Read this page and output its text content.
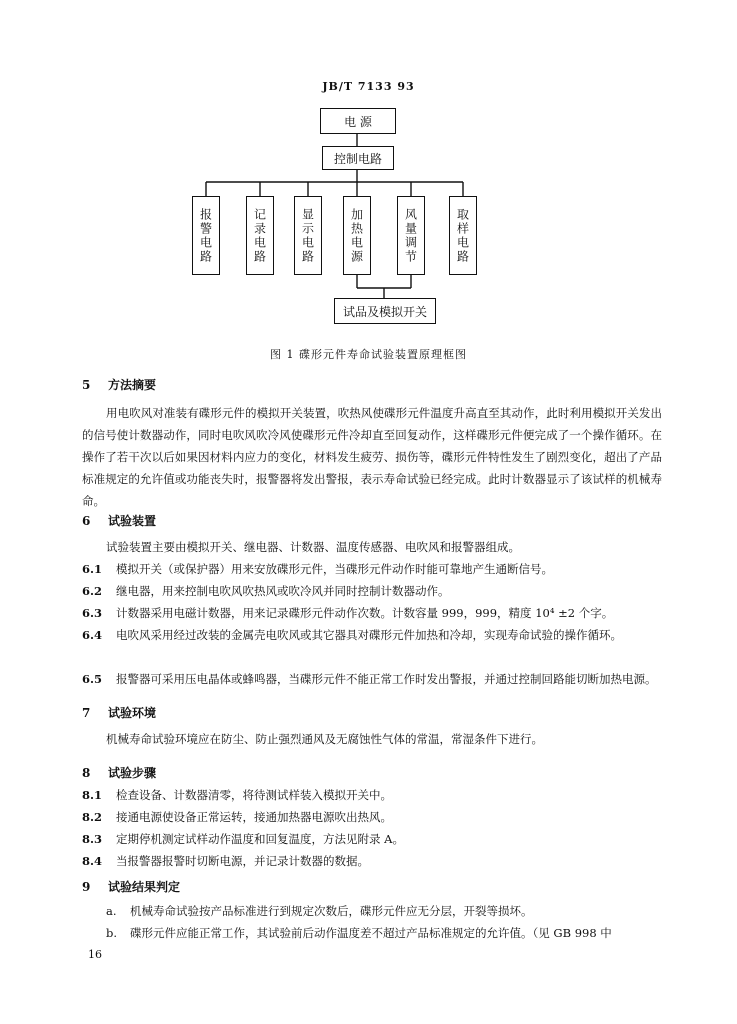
JB/T 7133 93
电 源
控制电路
报警电路	记录电路	显示电路	加热电源	风量调节	取样电路
试品及模拟开关
图 1 碟形元件寿命试验装置原理框图
5 方法摘要
用电吹风对准装有碟形元件的模拟开关装置，吹热风使碟形元件温度升高直至其动作，此时利用模拟开关发出的信号使计数器动作，同时电吹风吹冷风使碟形元件冷却直至回复动作，这样碟形元件便完成了一个操作循环。在操作了若干次以后如果因材料内应力的变化，材料发生疲劳、损伤等，碟形元件特性发生了剧烈变化，超出了产品标准规定的允许值或功能丧失时，报警器将发出警报，表示寿命试验已经完成。此时计数器显示了该试样的机械寿命。
6 试验装置
试验装置主要由模拟开关、继电器、计数器、温度传感器、电吹风和报警器组成。
6.1 模拟开关（或保护器）用来安放碟形元件，当碟形元件动作时能可靠地产生通断信号。
6.2 继电器，用来控制电吹风吹热风或吹冷风并同时控制计数器动作。
6.3 计数器采用电磁计数器，用来记录碟形元件动作次数。计数容量 999，999，精度 10⁴ ±2 个字。
6.4 电吹风采用经过改装的金属壳电吹风或其它器具对碟形元件加热和冷却，实现寿命试验的操作循环。
6.5 报警器可采用压电晶体或蜂鸣器，当碟形元件不能正常工作时发出警报，并通过控制回路能切断加热电源。
7 试验环境
机械寿命试验环境应在防尘、防止强烈通风及无腐蚀性气体的常温，常湿条件下进行。
8 试验步骤
8.1 检查设备、计数器清零，将待测试样装入模拟开关中。
8.2 接通电源使设备正常运转，接通加热器电源吹出热风。
8.3 定期停机测定试样动作温度和回复温度，方法见附录 A。
8.4 当报警器报警时切断电源，并记录计数器的数据。
9 试验结果判定
a. 机械寿命试验按产品标准进行到规定次数后，碟形元件应无分层，开裂等损坏。
b. 碟形元件应能正常工作，其试验前后动作温度差不超过产品标准规定的允许值。（见 GB 998 中
16
